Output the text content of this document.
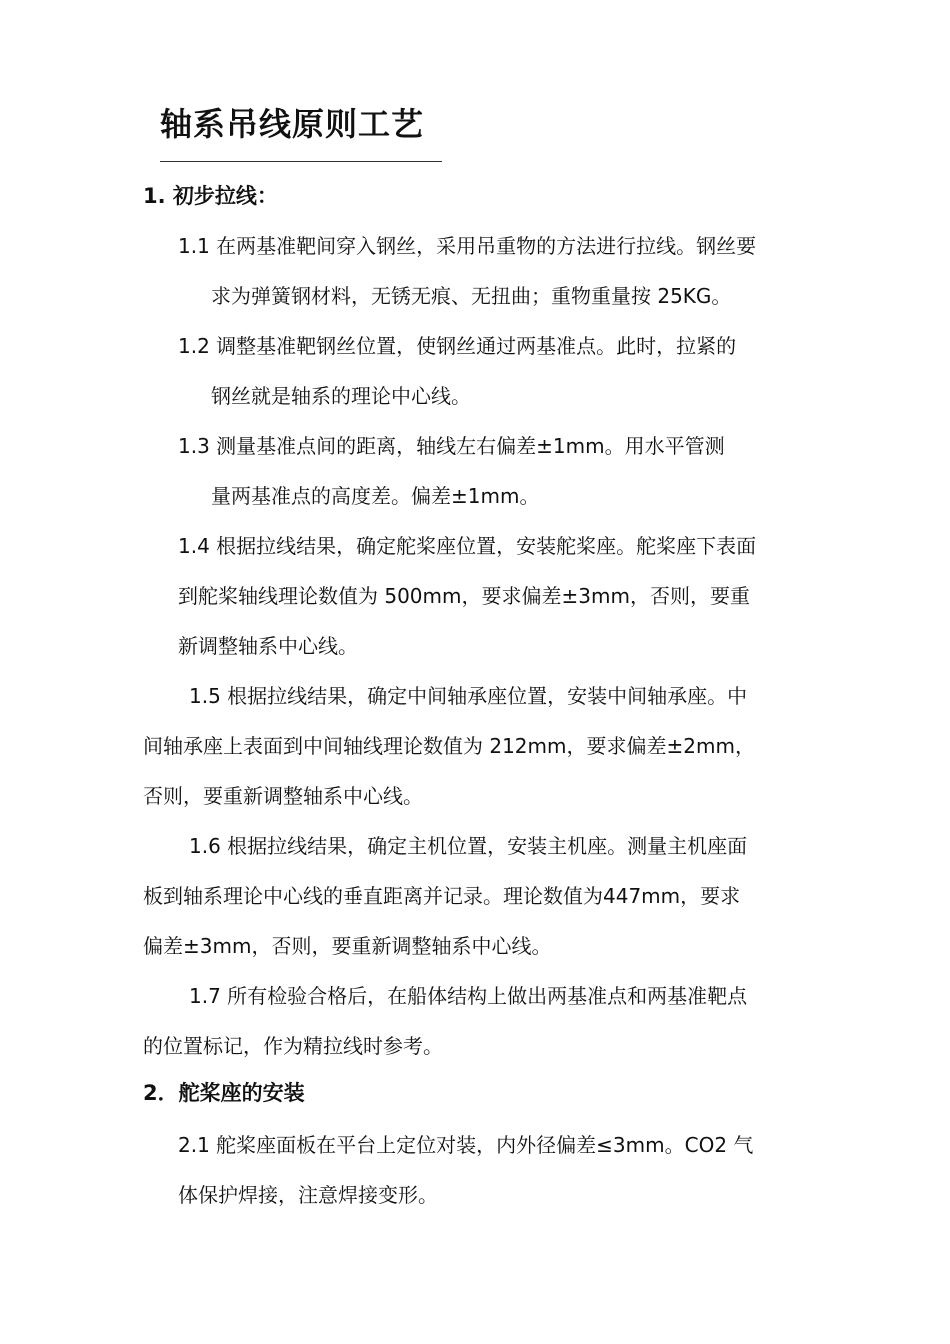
轴系吊线原则工艺
1. 初步拉线：
1.1 在两基准靶间穿入钢丝，采用吊重物的方法进行拉线。钢丝要
求为弹簧钢材料，无锈无痕、无扭曲；重物重量按 25KG。
1.2 调整基准靶钢丝位置，使钢丝通过两基准点。此时，拉紧的
钢丝就是轴系的理论中心线。
1.3 测量基准点间的距离，轴线左右偏差±1mm。用水平管测
量两基准点的高度差。偏差±1mm。
1.4 根据拉线结果，确定舵桨座位置，安装舵桨座。舵桨座下表面
到舵桨轴线理论数值为 500mm，要求偏差±3mm，否则，要重
新调整轴系中心线。
1.5 根据拉线结果，确定中间轴承座位置，安装中间轴承座。中
间轴承座上表面到中间轴线理论数值为 212mm，要求偏差±2mm，
否则，要重新调整轴系中心线。
1.6 根据拉线结果，确定主机位置，安装主机座。测量主机座面
板到轴系理论中心线的垂直距离并记录。理论数值为447mm，要求
偏差±3mm，否则，要重新调整轴系中心线。
1.7 所有检验合格后，在船体结构上做出两基准点和两基准靶点
的位置标记，作为精拉线时参考。
2．舵桨座的安装
2.1 舵桨座面板在平台上定位对装，内外径偏差≤3mm。CO2 气
体保护焊接，注意焊接变形。
